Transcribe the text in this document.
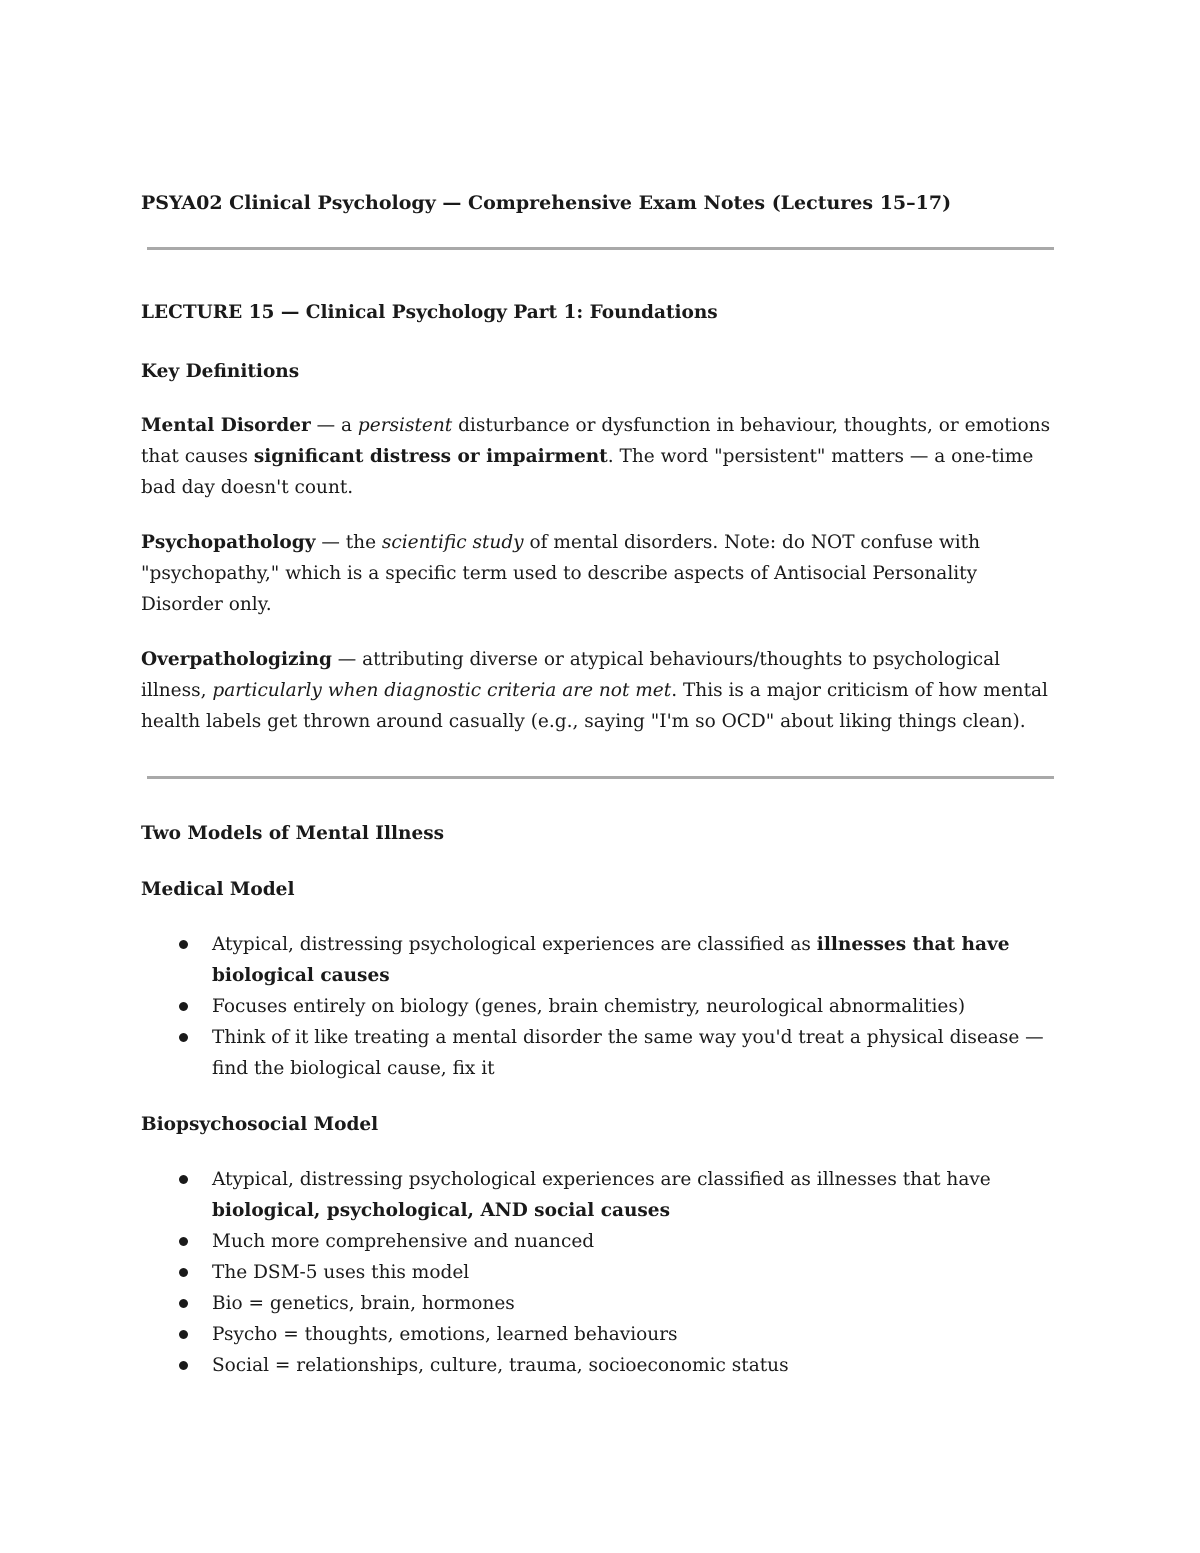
PSYA02 Clinical Psychology — Comprehensive Exam Notes (Lectures 15–17)

LECTURE 15 — Clinical Psychology Part 1: Foundations

Key Definitions

Mental Disorder — a persistent disturbance or dysfunction in behaviour, thoughts, or emotions that causes significant distress or impairment. The word "persistent" matters — a one-time bad day doesn't count.

Psychopathology — the scientific study of mental disorders. Note: do NOT confuse with "psychopathy," which is a specific term used to describe aspects of Antisocial Personality Disorder only.

Overpathologizing — attributing diverse or atypical behaviours/thoughts to psychological illness, particularly when diagnostic criteria are not met. This is a major criticism of how mental health labels get thrown around casually (e.g., saying "I'm so OCD" about liking things clean).

Two Models of Mental Illness

Medical Model

Atypical, distressing psychological experiences are classified as illnesses that have biological causes
Focuses entirely on biology (genes, brain chemistry, neurological abnormalities)
Think of it like treating a mental disorder the same way you'd treat a physical disease — find the biological cause, fix it

Biopsychosocial Model

Atypical, distressing psychological experiences are classified as illnesses that have biological, psychological, AND social causes
Much more comprehensive and nuanced
The DSM-5 uses this model
Bio = genetics, brain, hormones
Psycho = thoughts, emotions, learned behaviours
Social = relationships, culture, trauma, socioeconomic status
